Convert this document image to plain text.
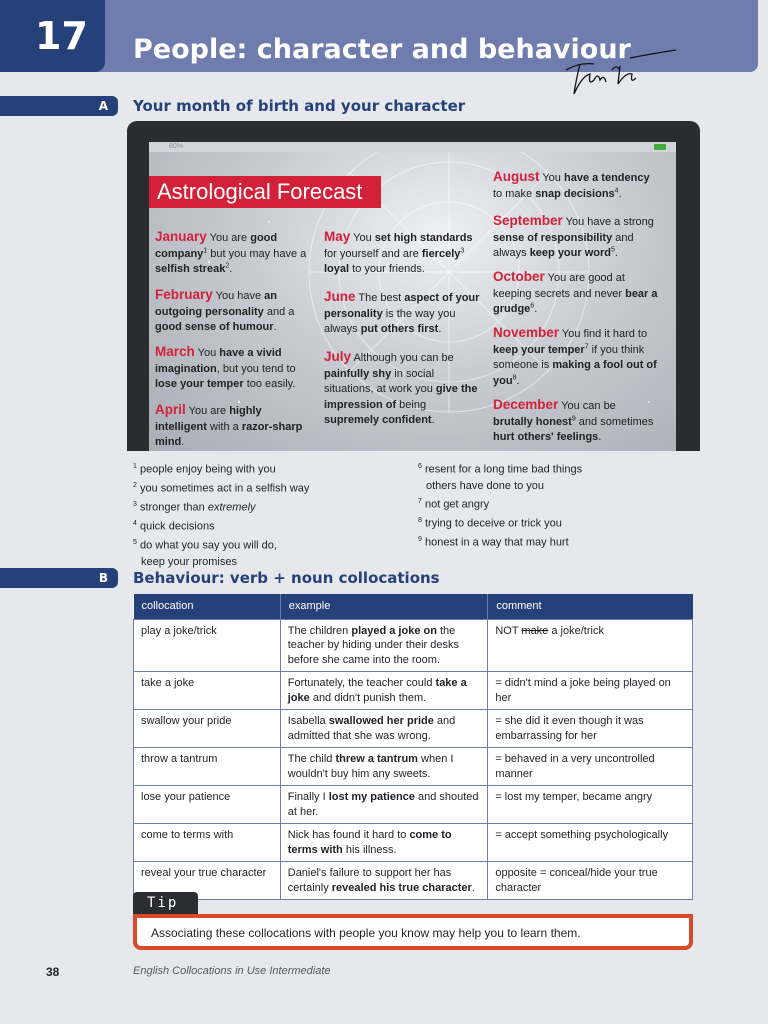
17	People: character and behaviour
A	Your month of birth and your character
80%
Astrological Forecast
January You are good company$^1$ but you may have a selfish streak$^2$.
February You have an outgoing personality and a good sense of humour.
March You have a vivid imagination, but you tend to lose your temper too easily.
April You are highly intelligent with a razor-sharp mind.
May You set high standards for yourself and are fiercely$^3$ loyal to your friends.
June The best aspect of your personality is the way you always put others first.
July Although you can be painfully shy in social situations, at work you give the impression of being supremely confident.
August You have a tendency to make snap decisions$^4$.
September You have a strong sense of responsibility and always keep your word$^5$.
October You are good at keeping secrets and never bear a grudge$^6$.
November You find it hard to keep your temper$^7$ if you think someone is making a fool out of you$^8$.
December You can be brutally honest$^9$ and sometimes hurt others' feelings.
$^1$ people enjoy being with you
$^2$ you sometimes act in a selfish way
$^3$ stronger than extremely
$^4$ quick decisions
$^5$ do what you say you will do,
keep your promises
$^6$ resent for a long time bad things
others have done to you
$^7$ not get angry
$^8$ trying to deceive or trick you
$^9$ honest in a way that may hurt
B	Behaviour: verb + noun collocations
collocation	example	comment
play a joke/trick	The children played a joke on the teacher by hiding under their desks before she came into the room.	NOT make a joke/trick
take a joke	Fortunately, the teacher could take a joke and didn't punish them.	= didn't mind a joke being played on her
swallow your pride	Isabella swallowed her pride and admitted that she was wrong.	= she did it even though it was embarrassing for her
throw a tantrum	The child threw a tantrum when I wouldn't buy him any sweets.	= behaved in a very uncontrolled manner
lose your patience	Finally I lost my patience and shouted at her.	= lost my temper, became angry
come to terms with	Nick has found it hard to come to terms with his illness.	= accept something psychologically
reveal your true character	Daniel's failure to support her has certainly revealed his true character.	opposite = conceal/hide your true character
Tip
Associating these collocations with people you know may help you to learn them.
38	English Collocations in Use Intermediate
